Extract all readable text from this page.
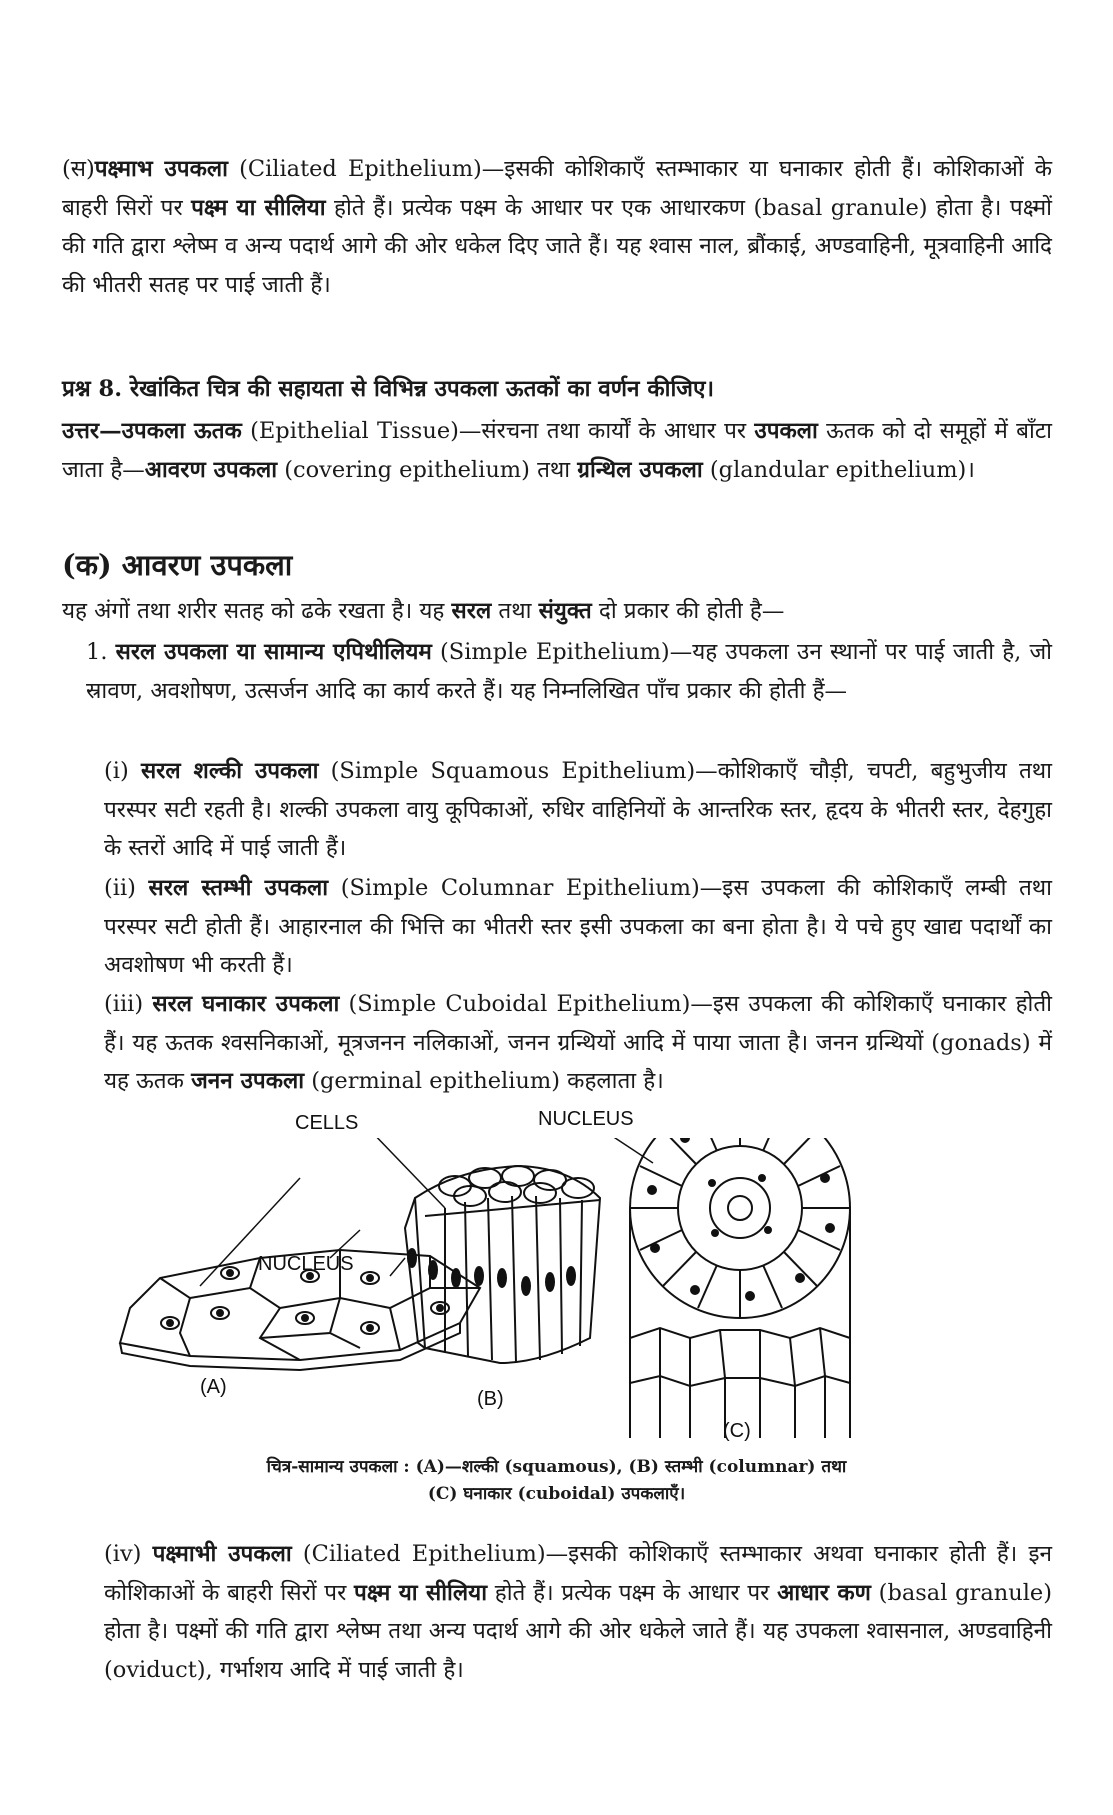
(स)पक्ष्माभ उपकला (Ciliated Epithelium)—इसकी कोशिकाएँ स्तम्भाकार या घनाकार होती हैं। कोशिकाओं के बाहरी सिरों पर पक्ष्म या सीलिया होते हैं। प्रत्येक पक्ष्म के आधार पर एक आधारकण (basal granule) होता है। पक्ष्मों की गति द्वारा श्लेष्म व अन्य पदार्थ आगे की ओर धकेल दिए जाते हैं। यह श्वास नाल, ब्रौंकाई, अण्डवाहिनी, मूत्रवाहिनी आदि की भीतरी सतह पर पाई जाती हैं।

प्रश्न 8. रेखांकित चित्र की सहायता से विभिन्न उपकला ऊतकों का वर्णन कीजिए।

उत्तर—उपकला ऊतक (Epithelial Tissue)—संरचना तथा कार्यों के आधार पर उपकला ऊतक को दो समूहों में बाँटा जाता है—आवरण उपकला (covering epithelium) तथा ग्रन्थिल उपकला (glandular epithelium)।

(क) आवरण उपकला

यह अंगों तथा शरीर सतह को ढके रखता है। यह सरल तथा संयुक्त दो प्रकार की होती है—

1. सरल उपकला या सामान्य एपिथीलियम (Simple Epithelium)—यह उपकला उन स्थानों पर पाई जाती है, जो स्रावण, अवशोषण, उत्सर्जन आदि का कार्य करते हैं। यह निम्नलिखित पाँच प्रकार की होती हैं—

(i) सरल शल्की उपकला (Simple Squamous Epithelium)—कोशिकाएँ चौड़ी, चपटी, बहुभुजीय तथा परस्पर सटी रहती है। शल्की उपकला वायु कूपिकाओं, रुधिर वाहिनियों के आन्तरिक स्तर, हृदय के भीतरी स्तर, देहगुहा के स्तरों आदि में पाई जाती हैं।

(ii) सरल स्तम्भी उपकला (Simple Columnar Epithelium)—इस उपकला की कोशिकाएँ लम्बी तथा परस्पर सटी होती हैं। आहारनाल की भित्ति का भीतरी स्तर इसी उपकला का बना होता है। ये पचे हुए खाद्य पदार्थों का अवशोषण भी करती हैं।

(iii) सरल घनाकार उपकला (Simple Cuboidal Epithelium)—इस उपकला की कोशिकाएँ घनाकार होती हैं। यह ऊतक श्वसनिकाओं, मूत्रजनन नलिकाओं, जनन ग्रन्थियों आदि में पाया जाता है। जनन ग्रन्थियों (gonads) में यह ऊतक जनन उपकला (germinal epithelium) कहलाता है।

CELLS
NUCLEUS
NUCLEUS
(A)
(B)
(C)
चित्र-सामान्य उपकला : (A)—शल्की (squamous), (B) स्तम्भी (columnar) तथा
(C) घनाकार (cuboidal) उपकलाएँ।

(iv) पक्ष्माभी उपकला (Ciliated Epithelium)—इसकी कोशिकाएँ स्तम्भाकार अथवा घनाकार होती हैं। इन कोशिकाओं के बाहरी सिरों पर पक्ष्म या सीलिया होते हैं। प्रत्येक पक्ष्म के आधार पर आधार कण (basal granule) होता है। पक्ष्मों की गति द्वारा श्लेष्म तथा अन्य पदार्थ आगे की ओर धकेले जाते हैं। यह उपकला श्वासनाल, अण्डवाहिनी (oviduct), गर्भाशय आदि में पाई जाती है।
